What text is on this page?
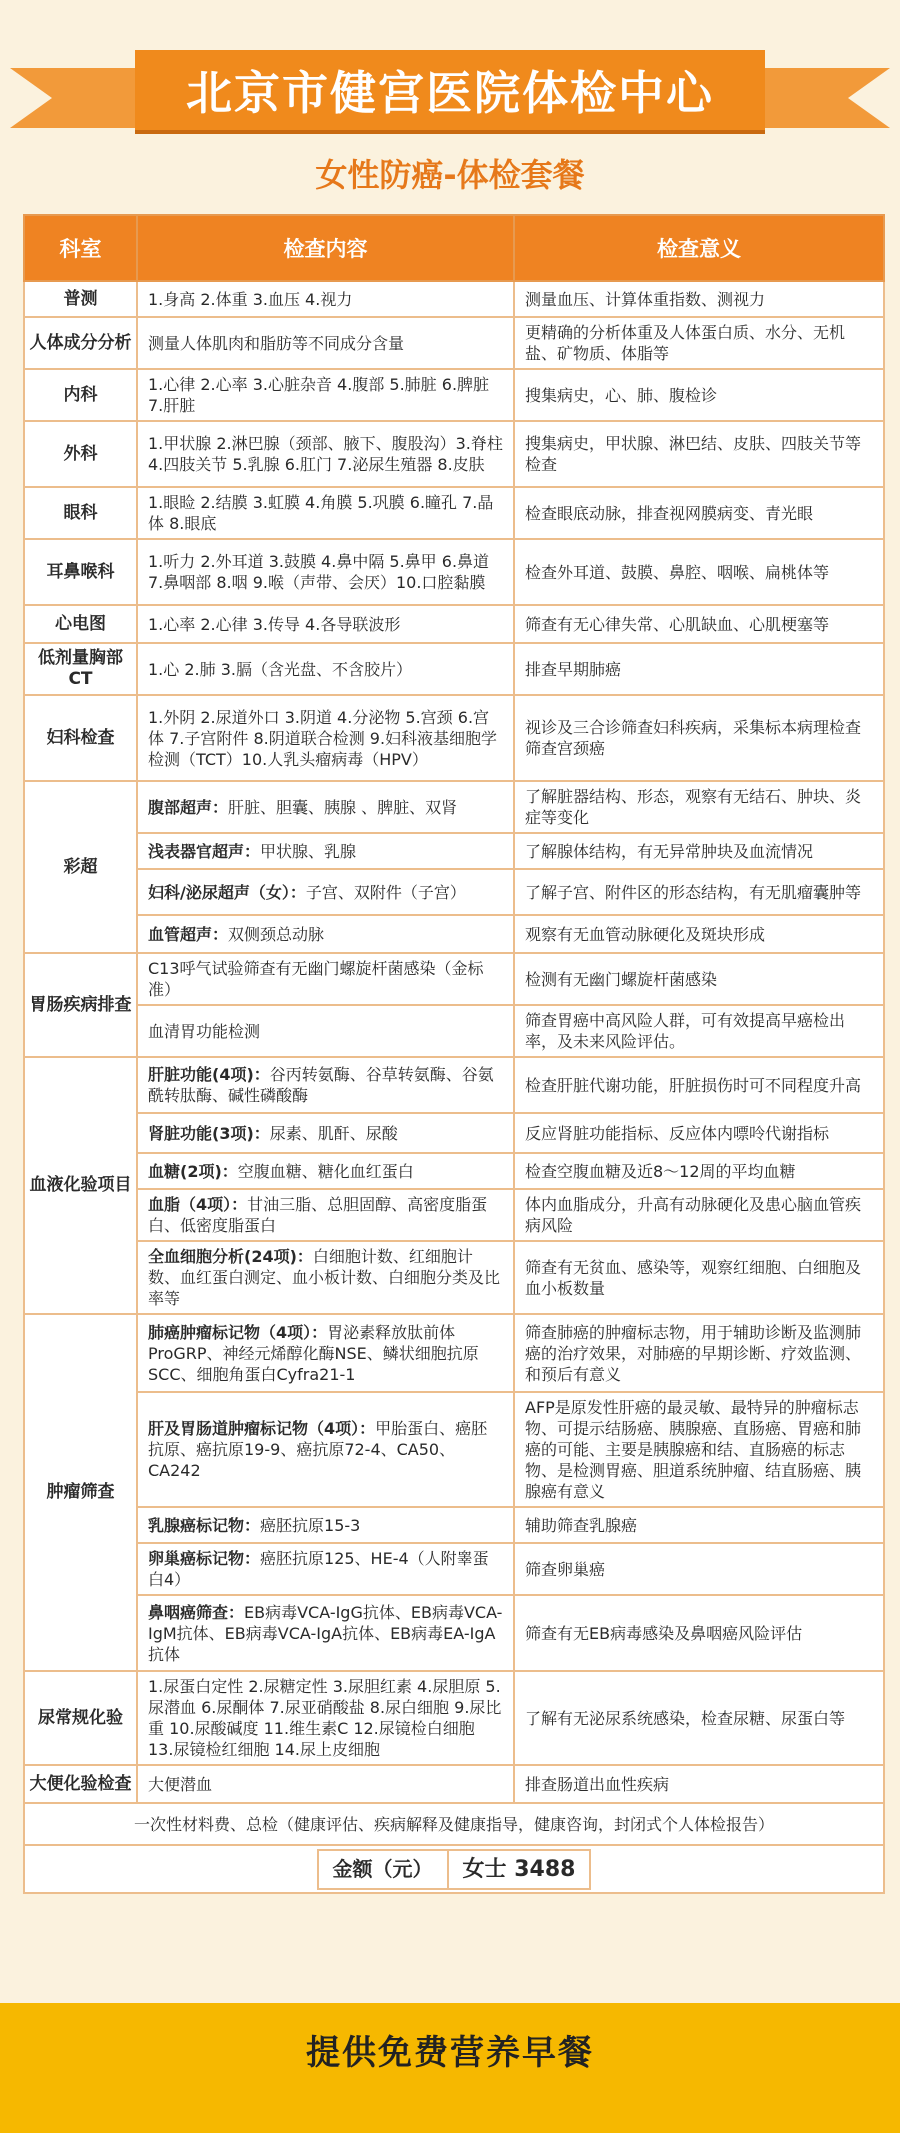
北京市健宫医院体检中心
女性防癌-体检套餐
科室	检查内容	检查意义
普测	1.身高 2.体重 3.血压 4.视力	测量血压、计算体重指数、测视力
人体成分分析	测量人体肌肉和脂肪等不同成分含量	更精确的分析体重及人体蛋白质、水分、无机盐、矿物质、体脂等
内科	1.心律 2.心率 3.心脏杂音 4.腹部 5.肺脏 6.脾脏 7.肝脏	搜集病史，心、肺、腹检诊
外科	1.甲状腺 2.淋巴腺（颈部、腋下、腹股沟）3.脊柱 4.四肢关节 5.乳腺 6.肛门 7.泌尿生殖器 8.皮肤	搜集病史，甲状腺、淋巴结、皮肤、四肢关节等检查
眼科	1.眼睑 2.结膜 3.虹膜 4.角膜 5.巩膜 6.瞳孔 7.晶体 8.眼底	检查眼底动脉，排查视网膜病变、青光眼
耳鼻喉科	1.听力 2.外耳道 3.鼓膜 4.鼻中隔 5.鼻甲 6.鼻道 7.鼻咽部 8.咽 9.喉（声带、会厌）10.口腔黏膜	检查外耳道、鼓膜、鼻腔、咽喉、扁桃体等
心电图	1.心率 2.心律 3.传导 4.各导联波形	筛查有无心律失常、心肌缺血、心肌梗塞等
低剂量胸部CT	1.心 2.肺 3.膈（含光盘、不含胶片）	排查早期肺癌
妇科检查	1.外阴 2.尿道外口 3.阴道 4.分泌物 5.宫颈 6.宫体 7.子宫附件 8.阴道联合检测 9.妇科液基细胞学检测（TCT）10.人乳头瘤病毒（HPV）	视诊及三合诊筛查妇科疾病，采集标本病理检查筛查宫颈癌
彩超	腹部超声：肝脏、胆囊、胰腺 、脾脏、双肾	了解脏器结构、形态，观察有无结石、肿块、炎症等变化
	浅表器官超声：甲状腺、乳腺	了解腺体结构，有无异常肿块及血流情况
	妇科/泌尿超声（女）：子宫、双附件（子宫）	了解子宫、附件区的形态结构，有无肌瘤囊肿等
	血管超声：双侧颈总动脉	观察有无血管动脉硬化及斑块形成
胃肠疾病排查	C13呼气试验筛查有无幽门螺旋杆菌感染（金标准）	检测有无幽门螺旋杆菌感染
	血清胃功能检测	筛查胃癌中高风险人群，可有效提高早癌检出率，及未来风险评估。
血液化验项目	肝脏功能(4项)：谷丙转氨酶、谷草转氨酶、谷氨酰转肽酶、碱性磷酸酶	检查肝脏代谢功能，肝脏损伤时可不同程度升高
	肾脏功能(3项)：尿素、肌酐、尿酸	反应肾脏功能指标、反应体内嘌呤代谢指标
	血糖(2项)：空腹血糖、糖化血红蛋白	检查空腹血糖及近8～12周的平均血糖
	血脂（4项）：甘油三脂、总胆固醇、高密度脂蛋白、低密度脂蛋白	体内血脂成分，升高有动脉硬化及患心脑血管疾病风险
	全血细胞分析(24项)：白细胞计数、红细胞计数、血红蛋白测定、血小板计数、白细胞分类及比率等	筛查有无贫血、感染等，观察红细胞、白细胞及血小板数量
肿瘤筛查	肺癌肿瘤标记物（4项）：胃泌素释放肽前体ProGRP、神经元烯醇化酶NSE、鳞状细胞抗原SCC、细胞角蛋白Cyfra21-1	筛查肺癌的肿瘤标志物，用于辅助诊断及监测肺癌的治疗效果，对肺癌的早期诊断、疗效监测、和预后有意义
	肝及胃肠道肿瘤标记物（4项）：甲胎蛋白、癌胚抗原、癌抗原19-9、癌抗原72-4、CA50、CA242	AFP是原发性肝癌的最灵敏、最特异的肿瘤标志物、可提示结肠癌、胰腺癌、直肠癌、胃癌和肺癌的可能、主要是胰腺癌和结、直肠癌的标志物、是检测胃癌、胆道系统肿瘤、结直肠癌、胰腺癌有意义
	乳腺癌标记物：癌胚抗原15-3	辅助筛查乳腺癌
	卵巢癌标记物：癌胚抗原125、HE-4（人附睾蛋白4）	筛查卵巢癌
	鼻咽癌筛查：EB病毒VCA-IgG抗体、EB病毒VCA-IgM抗体、EB病毒VCA-IgA抗体、EB病毒EA-IgA抗体	筛查有无EB病毒感染及鼻咽癌风险评估
尿常规化验	1.尿蛋白定性 2.尿糖定性 3.尿胆红素 4.尿胆原 5.尿潜血 6.尿酮体 7.尿亚硝酸盐 8.尿白细胞 9.尿比重 10.尿酸碱度 11.维生素C 12.尿镜检白细胞 13.尿镜检红细胞 14.尿上皮细胞	了解有无泌尿系统感染，检查尿糖、尿蛋白等
大便化验检查	大便潜血	排查肠道出血性疾病
一次性材料费、总检（健康评估、疾病解释及健康指导，健康咨询，封闭式个人体检报告）		

金额（元） 女士 3488		
提供免费营养早餐
